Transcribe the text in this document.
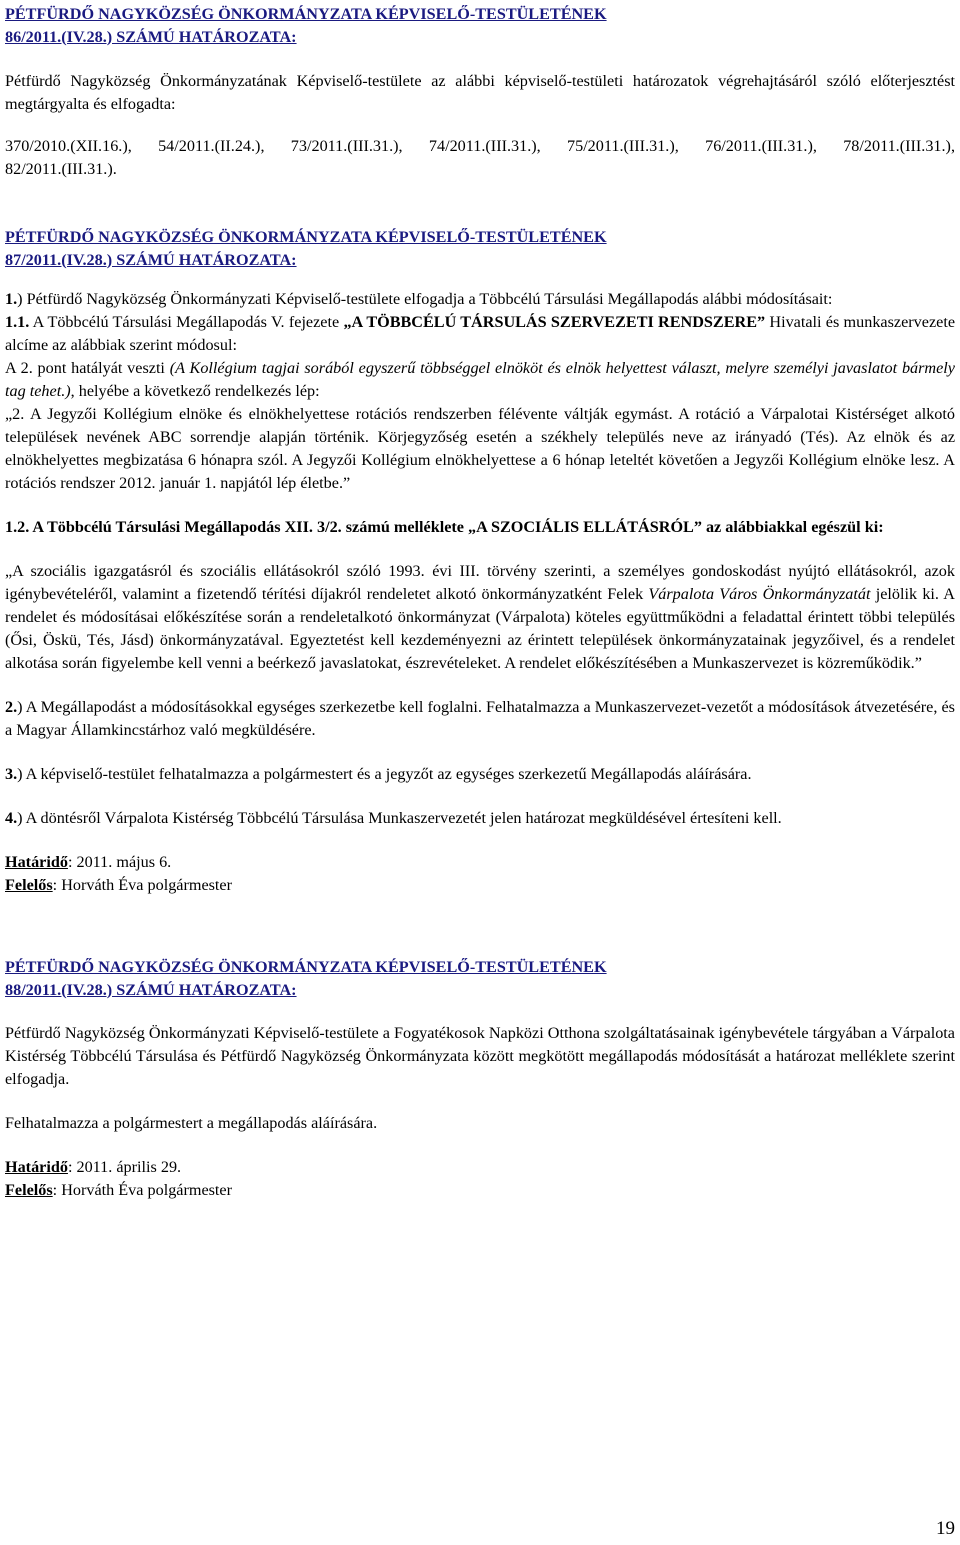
PÉTFÜRDŐ NAGYKÖZSÉG ÖNKORMÁNYZATA KÉPVISELŐ-TESTÜLETÉNEK

86/2011.(IV.28.) SZÁMÚ HATÁROZATA:

Pétfürdő Nagyközség Önkormányzatának Képviselő-testülete az alábbi képviselő-testületi határozatok végrehajtásáról szóló előterjesztést megtárgyalta és elfogadta:

370/2010.(XII.16.), 54/2011.(II.24.), 73/2011.(III.31.), 74/2011.(III.31.), 75/2011.(III.31.), 76/2011.(III.31.), 78/2011.(III.31.), 82/2011.(III.31.).

PÉTFÜRDŐ NAGYKÖZSÉG ÖNKORMÁNYZATA KÉPVISELŐ-TESTÜLETÉNEK

87/2011.(IV.28.) SZÁMÚ HATÁROZATA:

1.) Pétfürdő Nagyközség Önkormányzati Képviselő-testülete elfogadja a Többcélú Társulási Megállapodás alábbi módosításait:

1.1. A Többcélú Társulási Megállapodás V. fejezete „A TÖBBCÉLÚ TÁRSULÁS SZERVEZETI RENDSZERE” Hivatali és munkaszervezete alcíme az alábbiak szerint módosul:
A 2. pont hatályát veszti (A Kollégium tagjai sorából egyszerű többséggel elnököt és elnök helyettest választ, melyre személyi javaslatot bármely tag tehet.), helyébe a következő rendelkezés lép:

„2. A Jegyzői Kollégium elnöke és elnökhelyettese rotációs rendszerben félévente váltják egymást. A rotáció a Várpalotai Kistérséget alkotó települések nevének ABC sorrendje alapján történik. Körjegyzőség esetén a székhely település neve az irányadó (Tés). Az elnök és az elnökhelyettes megbizatása 6 hónapra szól. A Jegyzői Kollégium elnökhelyettese a 6 hónap leteltét követően a Jegyzői Kollégium elnöke lesz. A rotációs rendszer 2012. január 1. napjától lép életbe.”

1.2. A Többcélú Társulási Megállapodás XII. 3/2. számú melléklete „A SZOCIÁLIS ELLÁTÁSRÓL” az alábbiakkal egészül ki:

„A szociális igazgatásról és szociális ellátásokról szóló 1993. évi III. törvény szerinti, a személyes gondoskodást nyújtó ellátásokról, azok igénybevételéről, valamint a fizetendő térítési díjakról rendeletet alkotó önkormányzatként Felek Várpalota Város Önkormányzatát jelölik ki. A rendelet és módosításai előkészítése során a rendeletalkotó önkormányzat (Várpalota) köteles együttműködni a feladattal érintett többi település (Ősi, Öskü, Tés, Jásd) önkormányzatával. Egyeztetést kell kezdeményezni az érintett települések önkormányzatainak jegyzőivel, és a rendelet alkotása során figyelembe kell venni a beérkező javaslatokat, észrevételeket. A rendelet előkészítésében a Munkaszervezet is közreműködik.”

2.) A Megállapodást a módosításokkal egységes szerkezetbe kell foglalni. Felhatalmazza a Munkaszervezet-vezetőt a módosítások átvezetésére, és a Magyar Államkincstárhoz való megküldésére.

3.) A képviselő-testület felhatalmazza a polgármestert és a jegyzőt az egységes szerkezetű Megállapodás aláírására.

4.) A döntésről Várpalota Kistérség Többcélú Társulása Munkaszervezetét jelen határozat megküldésével értesíteni kell.

Határidő: 2011. május 6.

Felelős: Horváth Éva polgármester

PÉTFÜRDŐ NAGYKÖZSÉG ÖNKORMÁNYZATA KÉPVISELŐ-TESTÜLETÉNEK

88/2011.(IV.28.) SZÁMÚ HATÁROZATA:

Pétfürdő Nagyközség Önkormányzati Képviselő-testülete a Fogyatékosok Napközi Otthona szolgáltatásainak igénybevétele tárgyában a Várpalota Kistérség Többcélú Társulása és Pétfürdő Nagyközség Önkormányzata között megkötött megállapodás módosítását a határozat melléklete szerint elfogadja.

Felhatalmazza a polgármestert a megállapodás aláírására.

Határidő: 2011. április 29.

Felelős: Horváth Éva polgármester

19
